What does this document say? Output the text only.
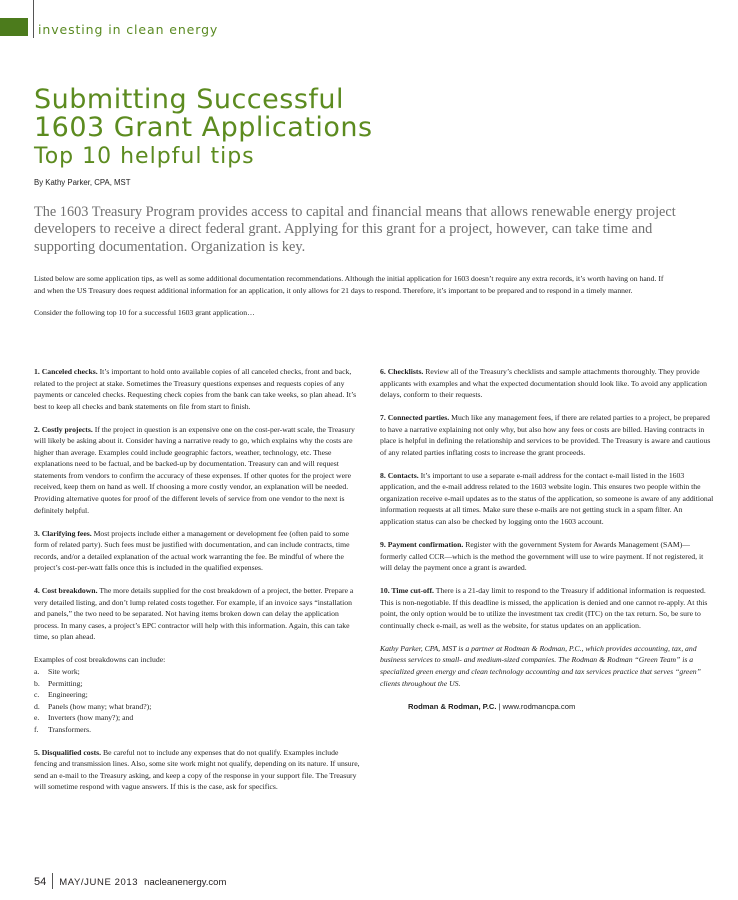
investing in clean energy
Submitting Successful
1603 Grant Applications
Top 10 helpful tips
By Kathy Parker, CPA, MST
The 1603 Treasury Program provides access to capital and financial means that allows renewable energy project developers to receive a direct federal grant. Applying for this grant for a project, however, can take time and supporting documentation. Organization is key.

Listed below are some application tips, as well as some additional documentation recommendations. Although the initial application for 1603 doesn’t require any extra records, it’s worth having on hand. If and when the US Treasury does request additional information for an application, it only allows for 21 days to respond. Therefore, it’s important to be prepared and to respond in a timely manner.

Consider the following top 10 for a successful 1603 grant application…

1. Canceled checks. It’s important to hold onto available copies of all canceled checks, front and back, related to the project at stake. Sometimes the Treasury questions expenses and requests copies of any payments or canceled checks. Requesting check copies from the bank can take weeks, so plan ahead. It’s best to keep all checks and bank statements on file from start to finish.

2. Costly projects. If the project in question is an expensive one on the cost-per-watt scale, the Treasury will likely be asking about it. Consider having a narrative ready to go, which explains why the costs are higher than average. Examples could include geographic factors, weather, technology, etc. These explanations need to be factual, and be backed-up by documentation. Treasury can and will request statements from vendors to confirm the accuracy of these expenses. If other quotes for the project were received, keep them on hand as well. If choosing a more costly vendor, an explanation will be needed. Providing alternative quotes for proof of the different levels of service from one vendor to the next is definitely helpful.

3. Clarifying fees. Most projects include either a management or development fee (often paid to some form of related party). Such fees must be justified with documentation, and can include contracts, time records, and/or a detailed explanation of the actual work warranting the fee. Be mindful of where the project’s cost-per-watt falls once this is included in the qualified expenses.

4. Cost breakdown. The more details supplied for the cost breakdown of a project, the better. Prepare a very detailed listing, and don’t lump related costs together. For example, if an invoice says “installation and panels,” the two need to be separated. Not having items broken down can delay the application process. In many cases, a project’s EPC contractor will help with this information. Again, this can take time, so plan ahead.

Examples of cost breakdowns can include:

a. Site work;
b. Permitting;
c. Engineering;
d. Panels (how many; what brand?);
e. Inverters (how many?); and
f. Transformers.

5. Disqualified costs. Be careful not to include any expenses that do not qualify. Examples include fencing and transmission lines. Also, some site work might not qualify, depending on its nature. If unsure, send an e-mail to the Treasury asking, and keep a copy of the response in your support file. The Treasury will sometime respond with vague answers. If this is the case, ask for specifics.

6. Checklists. Review all of the Treasury’s checklists and sample attachments thoroughly. They provide applicants with examples and what the expected documentation should look like. To avoid any application delays, conform to their requests.

7. Connected parties. Much like any management fees, if there are related parties to a project, be prepared to have a narrative explaining not only why, but also how any fees or costs are billed. Having contracts in place is helpful in defining the relationship and services to be provided. The Treasury is aware and cautious of any related parties inflating costs to increase the grant proceeds.

8. Contacts. It’s important to use a separate e-mail address for the contact e-mail listed in the 1603 application, and the e-mail address related to the 1603 website login. This ensures two people within the organization receive e-mail updates as to the status of the application, so someone is aware of any additional information requests at all times. Make sure these e-mails are not getting stuck in a spam filter. An application status can also be checked by logging onto the 1603 account.

9. Payment confirmation. Register with the government System for Awards Management (SAM)—formerly called CCR—which is the method the government will use to wire payment. If not registered, it will delay the payment once a grant is awarded.

10. Time cut-off. There is a 21-day limit to respond to the Treasury if additional information is requested. This is non-negotiable. If this deadline is missed, the application is denied and one cannot re-apply. At this point, the only option would be to utilize the investment tax credit (ITC) on the tax return. So, be sure to continually check e-mail, as well as the website, for status updates on an application.

Kathy Parker, CPA, MST is a partner at Rodman & Rodman, P.C., which provides accounting, tax, and business services to small- and medium-sized companies. The Rodman & Rodman “Green Team” is a specialized green energy and clean technology accounting and tax services practice that serves “green” clients throughout the US.

Rodman & Rodman, P.C. | www.rodmancpa.com
54 MAY/JUNE 2013 nacleanenergy.com
